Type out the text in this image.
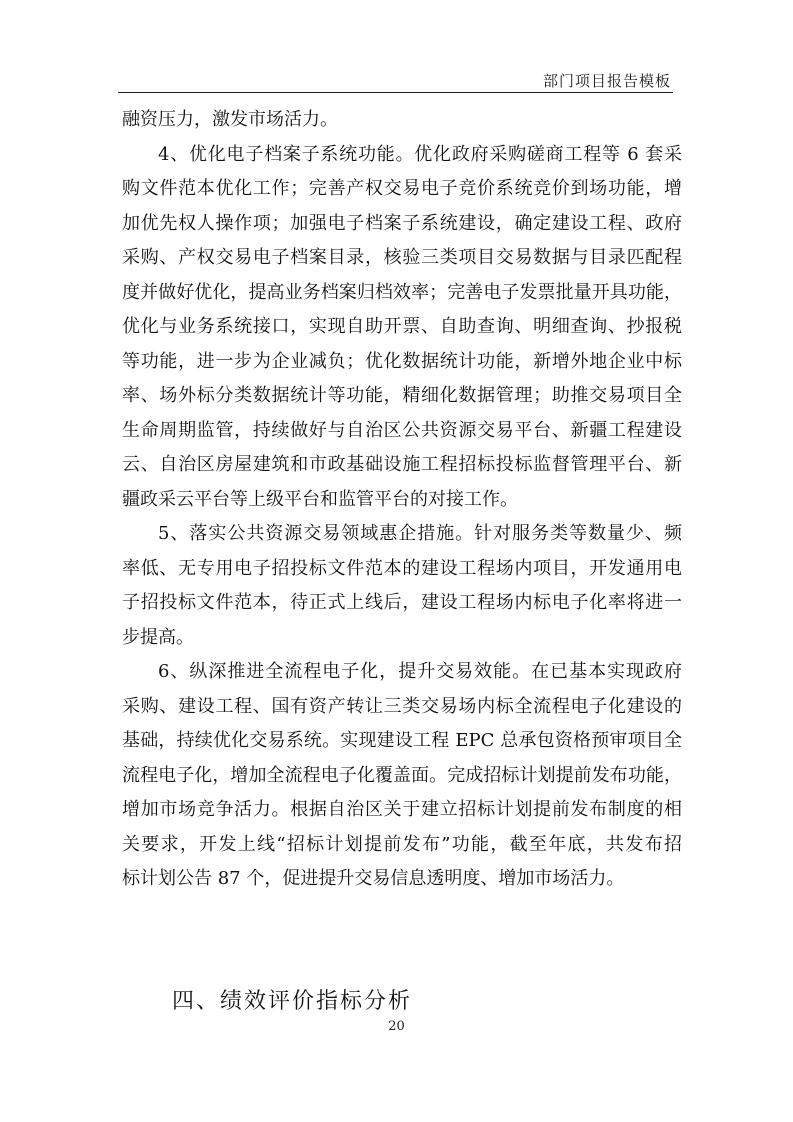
部门项目报告模板
融资压力，激发市场活力。
4、优化电子档案子系统功能。优化政府采购磋商工程等 6 套采
购文件范本优化工作；完善产权交易电子竞价系统竞价到场功能，增
加优先权人操作项；加强电子档案子系统建设，确定建设工程、政府
采购、产权交易电子档案目录，核验三类项目交易数据与目录匹配程
度并做好优化，提高业务档案归档效率；完善电子发票批量开具功能，
优化与业务系统接口，实现自助开票、自助查询、明细查询、抄报税
等功能，进一步为企业减负；优化数据统计功能，新增外地企业中标
率、场外标分类数据统计等功能，精细化数据管理；助推交易项目全
生命周期监管，持续做好与自治区公共资源交易平台、新疆工程建设
云、自治区房屋建筑和市政基础设施工程招标投标监督管理平台、新
疆政采云平台等上级平台和监管平台的对接工作。
5、落实公共资源交易领域惠企措施。针对服务类等数量少、频
率低、无专用电子招投标文件范本的建设工程场内项目，开发通用电
子招投标文件范本，待正式上线后，建设工程场内标电子化率将进一
步提高。
6、纵深推进全流程电子化，提升交易效能。在已基本实现政府
采购、建设工程、国有资产转让三类交易场内标全流程电子化建设的
基础，持续优化交易系统。实现建设工程 EPC 总承包资格预审项目全
流程电子化，增加全流程电子化覆盖面。完成招标计划提前发布功能，
增加市场竞争活力。根据自治区关于建立招标计划提前发布制度的相
关要求，开发上线“招标计划提前发布”功能，截至年底，共发布招
标计划公告 87 个，促进提升交易信息透明度、增加市场活力。
四、绩效评价指标分析
20
